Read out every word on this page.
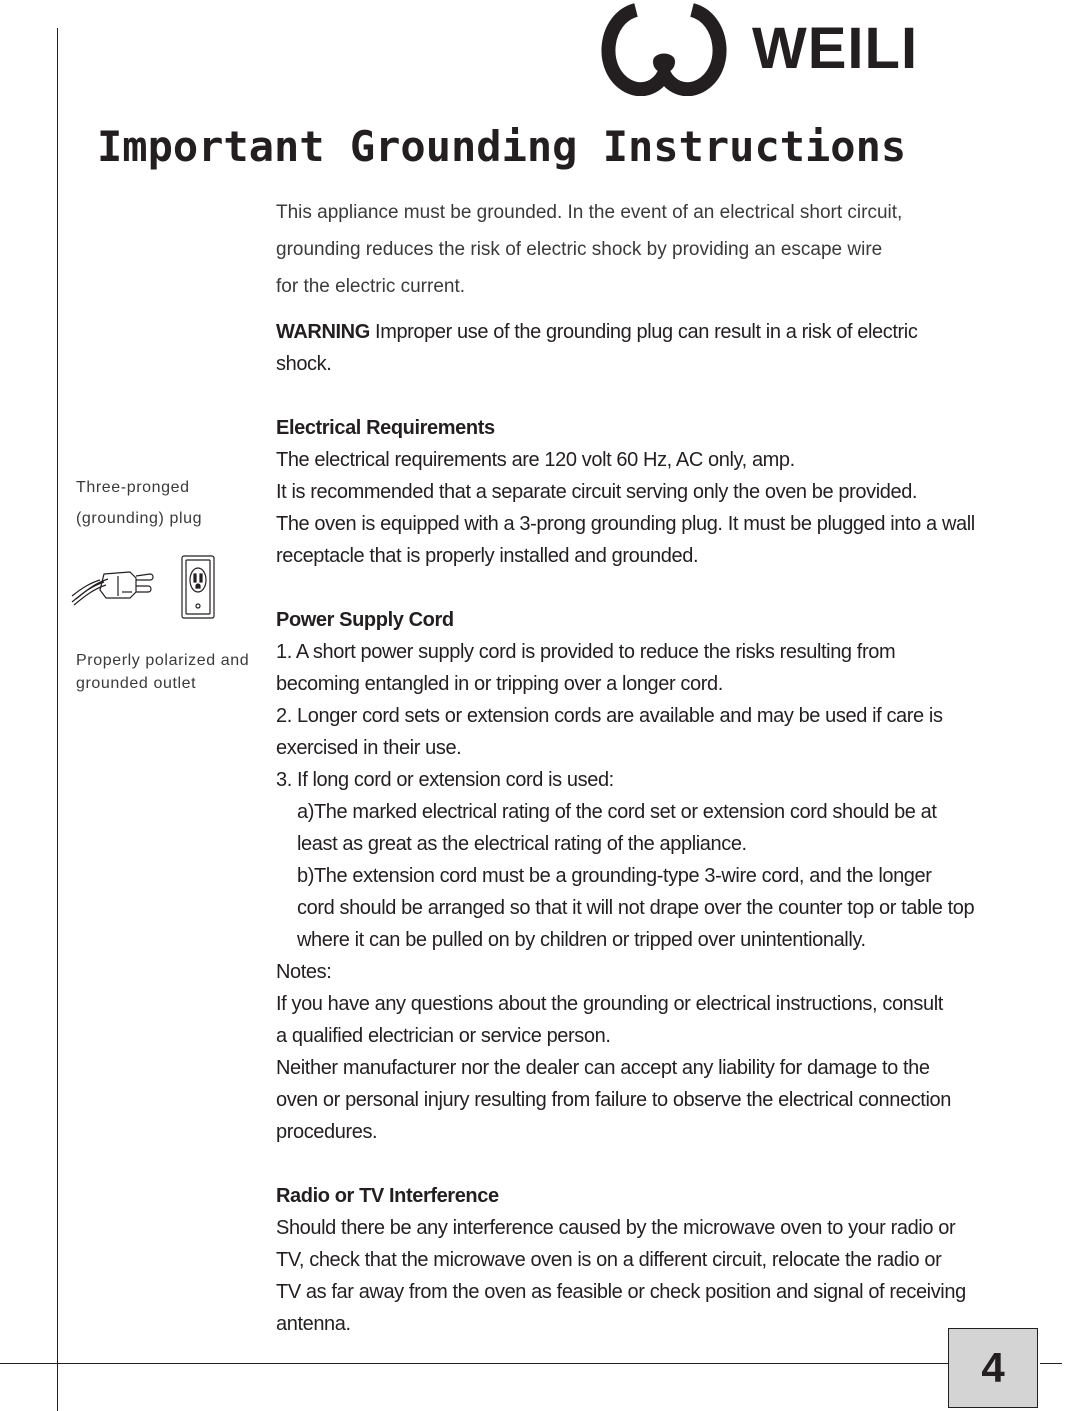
WEILI
Important Grounding Instructions
This appliance must be grounded. In the event of an electrical short circuit,
grounding reduces the risk of electric shock by providing an escape wire
for the electric current.

WARNING Improper use of the grounding plug can result in a risk of electric

shock.

Electrical Requirements

The electrical requirements are 120 volt 60 Hz, AC only, amp.

It is recommended that a separate circuit serving only the oven be provided.

The oven is equipped with a 3-prong grounding plug. It must be plugged into a wall

receptacle that is properly installed and grounded.

Power Supply Cord

1. A short power supply cord is provided to reduce the risks resulting from

becoming entangled in or tripping over a longer cord.

2. Longer cord sets or extension cords are available and may be used if care is

exercised in their use.

3. If long cord or extension cord is used:

a)The marked electrical rating of the cord set or extension cord should be at

least as great as the electrical rating of the appliance.

b)The extension cord must be a grounding-type 3-wire cord, and the longer

cord should be arranged so that it will not drape over the counter top or table top

where it can be pulled on by children or tripped over unintentionally.

Notes:

If you have any questions about the grounding or electrical instructions, consult

a qualified electrician or service person.

Neither manufacturer nor the dealer can accept any liability for damage to the

oven or personal injury resulting from failure to observe the electrical connection

procedures.

Radio or TV Interference

Should there be any interference caused by the microwave oven to your radio or

TV, check that the microwave oven is on a different circuit, relocate the radio or

TV as far away from the oven as feasible or check position and signal of receiving

antenna.

Three-pronged
(grounding) plug
Properly polarized and
grounded outlet
4
